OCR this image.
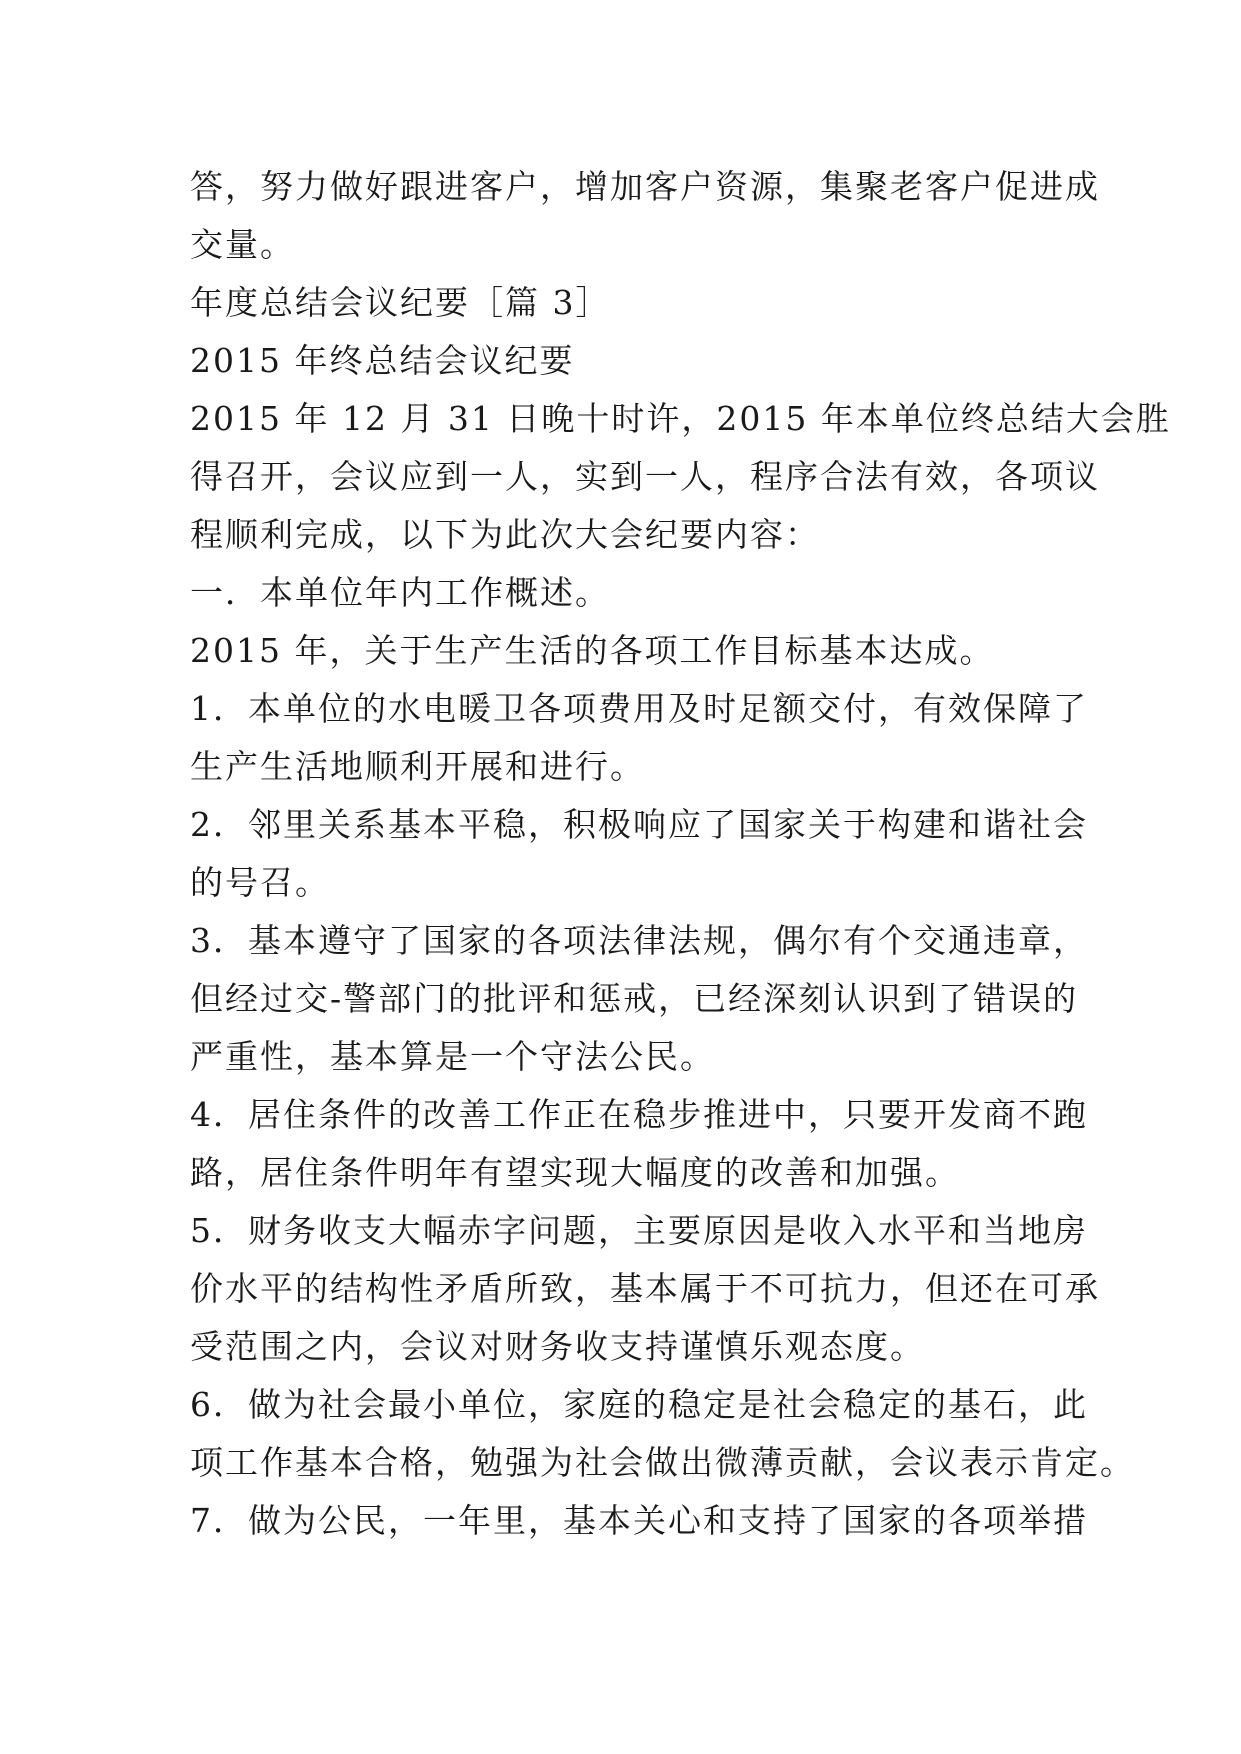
答，努力做好跟进客户，增加客户资源，集聚老客户促进成
交量。
年度总结会议纪要［篇 3］
2015 年终总结会议纪要
2015 年 12 月 31 日晚十时许，2015 年本单位终总结大会胜
得召开，会议应到一人，实到一人，程序合法有效，各项议
程顺利完成，以下为此次大会纪要内容：
一．本单位年内工作概述。
2015 年，关于生产生活的各项工作目标基本达成。
1．本单位的水电暖卫各项费用及时足额交付，有效保障了
生产生活地顺利开展和进行。
2．邻里关系基本平稳，积极响应了国家关于构建和谐社会
的号召。
3．基本遵守了国家的各项法律法规，偶尔有个交通违章，
但经过交-警部门的批评和惩戒，已经深刻认识到了错误的
严重性，基本算是一个守法公民。
4．居住条件的改善工作正在稳步推进中，只要开发商不跑
路，居住条件明年有望实现大幅度的改善和加强。
5．财务收支大幅赤字问题，主要原因是收入水平和当地房
价水平的结构性矛盾所致，基本属于不可抗力，但还在可承
受范围之内，会议对财务收支持谨慎乐观态度。
6．做为社会最小单位，家庭的稳定是社会稳定的基石，此
项工作基本合格，勉强为社会做出微薄贡献，会议表示肯定。
7．做为公民，一年里，基本关心和支持了国家的各项举措
